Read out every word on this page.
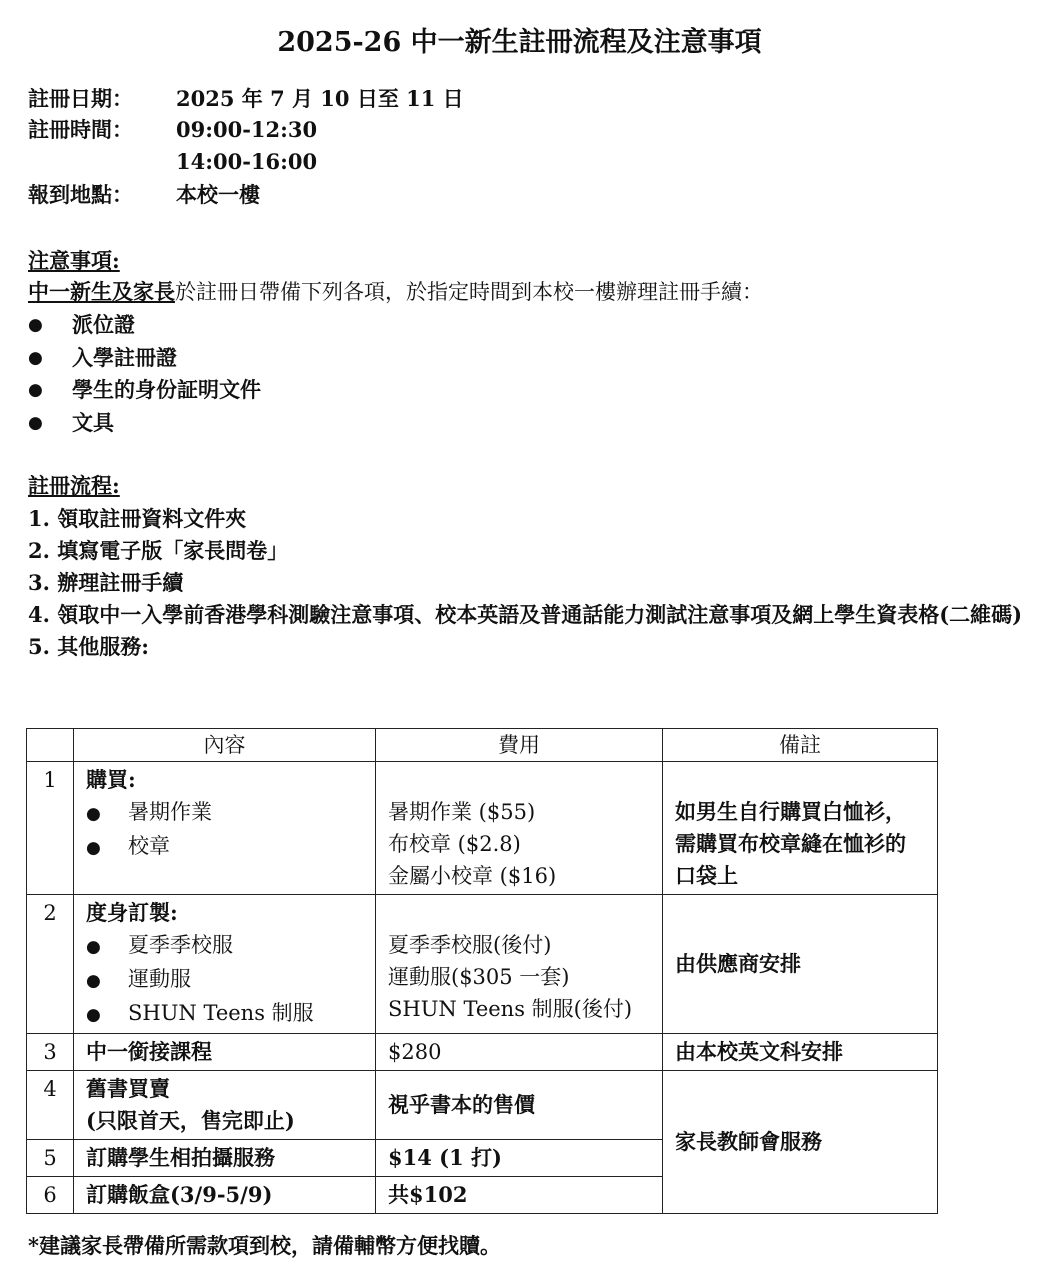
2025-26 中一新生註冊流程及注意事項
註冊日期： 2025 年 7 月 10 日至 11 日
註冊時間： 09:00-12:30
14:00-16:00
報到地點： 本校一樓
注意事項:
中一新生及家長於註冊日帶備下列各項，於指定時間到本校一樓辦理註冊手續：
● 派位證
● 入學註冊證
● 學生的身份証明文件
● 文具
註冊流程:
1. 領取註冊資料文件夾
2. 填寫電子版「家長問卷」
3. 辦理註冊手續
4. 領取中一入學前香港學科測驗注意事項、校本英語及普通話能力測試注意事項及網上學生資表格(二維碼)
5. 其他服務:
	內容	費用	備註
1	購買:
● 暑期作業
● 校章	暑期作業 ($55)
布校章 ($2.8)
金屬小校章 ($16)	如男生自行購買白恤衫，需購買布校章縫在恤衫的口袋上
2	度身訂製:
● 夏季季校服
● 運動服
● SHUN Teens 制服	夏季季校服(後付)
運動服($305 一套)
SHUN Teens 制服(後付)	由供應商安排
3	中一銜接課程	$280	由本校英文科安排
4	舊書買賣
(只限首天，售完即止)	視乎書本的售價	家長教師會服務
5	訂購學生相拍攝服務	$14 (1 打)	
6	訂購飯盒(3/9-5/9)	共$102	
*建議家長帶備所需款項到校，請備輔幣方便找贖。
